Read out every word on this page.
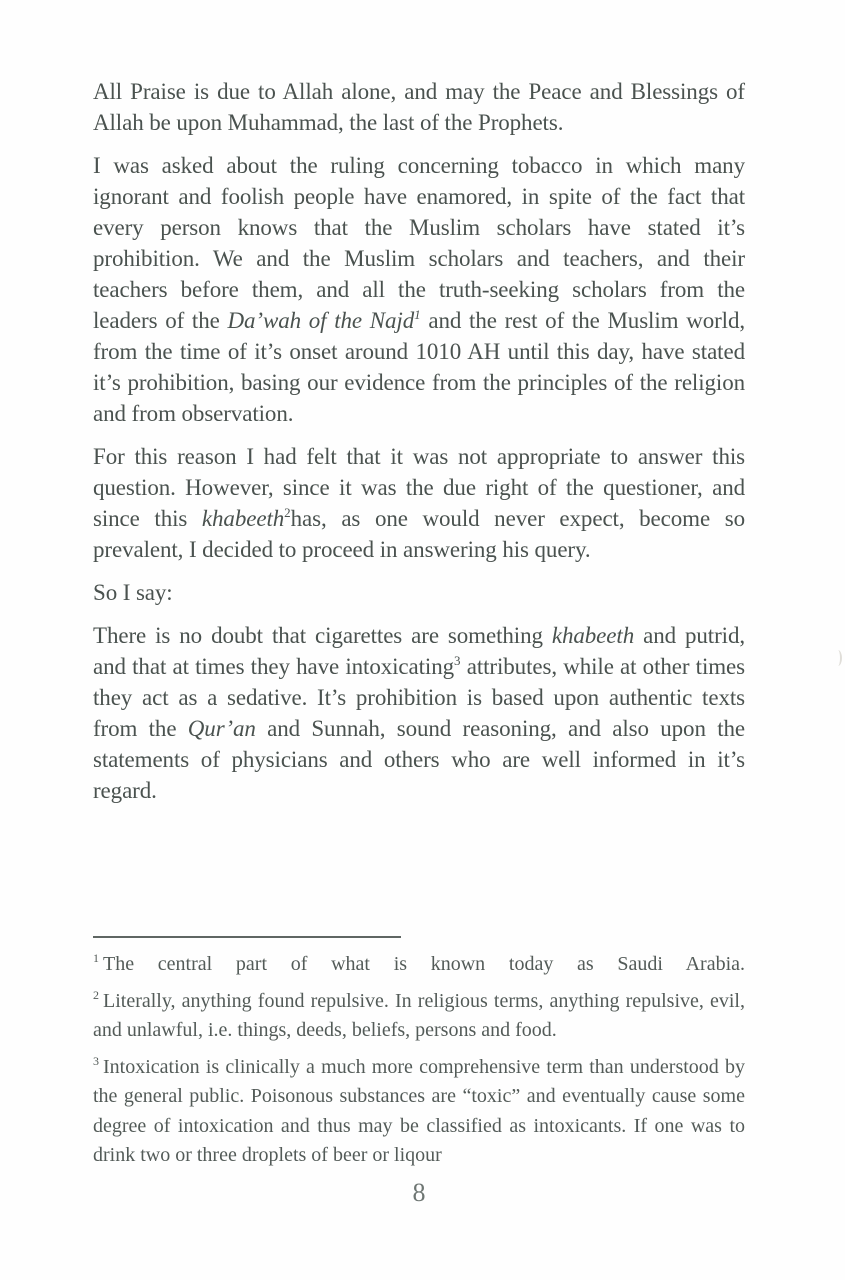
All Praise is due to Allah alone, and may the Peace and Blessings of Allah be upon Muhammad, the last of the Prophets.

I was asked about the ruling concerning tobacco in which many ignorant and foolish people have enamored, in spite of the fact that every person knows that the Muslim scholars have stated it’s prohibition. We and the Muslim scholars and teachers, and their teachers before them, and all the truth-seeking scholars from the leaders of the Da’wah of the Najd$^1$ and the rest of the Muslim world, from the time of it’s onset around 1010 AH until this day, have stated it’s prohibition, basing our evidence from the principles of the religion and from observation.

For this reason I had felt that it was not appropriate to answer this question. However, since it was the due right of the questioner, and since this khabeeth$^2$has, as one would never expect, become so prevalent, I decided to proceed in answering his query.

So I say:

There is no doubt that cigarettes are something khabeeth and putrid, and that at times they have intoxicating$^3$ attributes, while at other times they act as a sedative. It’s prohibition is based upon authentic texts from the Qur’an and Sunnah, sound reasoning, and also upon the statements of physicians and others who are well informed in it’s regard.

$^1$ The central part of what is known today as Saudi Arabia.

$^2$ Literally, anything found repulsive. In religious terms, anything repulsive, evil, and unlawful, i.e. things, deeds, beliefs, persons and food.

$^3$ Intoxication is clinically a much more comprehensive term than understood by the general public. Poisonous substances are “toxic” and eventually cause some degree of intoxication and thus may be classified as intoxicants. If one was to drink two or three droplets of beer or liqour

8
